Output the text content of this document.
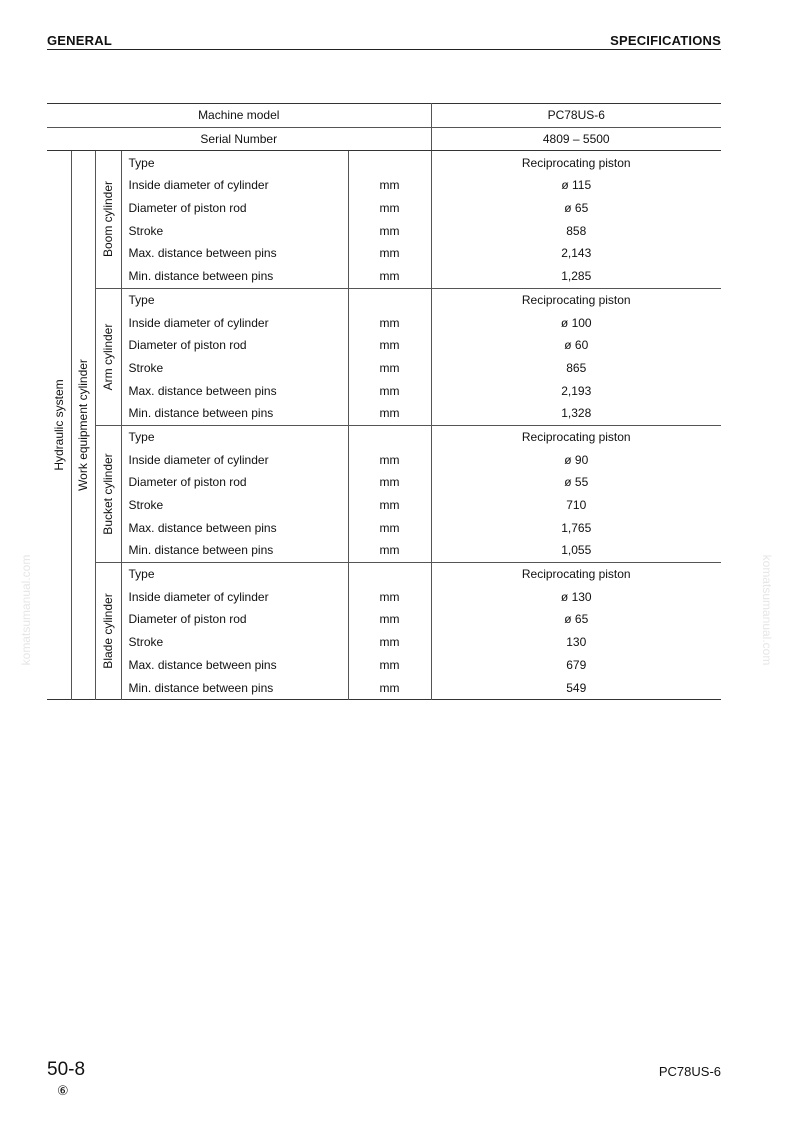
GENERAL	SPECIFICATIONS
Machine model					PC78US-6
Serial Number					4809 – 5500

Hydraulic system	Work equipment cylinder	Boom cylinder	Type		Reciprocating piston
			Inside diameter of cylinder	mm	ø 115
			Diameter of piston rod	mm	ø 65
			Stroke	mm	858
			Max. distance between pins	mm	2,143
			Min. distance between pins	mm	1,285

		Arm cylinder	Type		Reciprocating piston
			Inside diameter of cylinder	mm	ø 100
			Diameter of piston rod	mm	ø 60
			Stroke	mm	865
			Max. distance between pins	mm	2,193
			Min. distance between pins	mm	1,328

		Bucket cylinder	Type		Reciprocating piston
			Inside diameter of cylinder	mm	ø 90
			Diameter of piston rod	mm	ø 55
			Stroke	mm	710
			Max. distance between pins	mm	1,765
			Min. distance between pins	mm	1,055

		Blade cylinder	Type		Reciprocating piston
			Inside diameter of cylinder	mm	ø 130
			Diameter of piston rod	mm	ø 65
			Stroke	mm	130
			Max. distance between pins	mm	679
			Min. distance between pins	mm	549
komatsumanual.com	komatsumanual.com
50-8
⑥
PC78US-6
